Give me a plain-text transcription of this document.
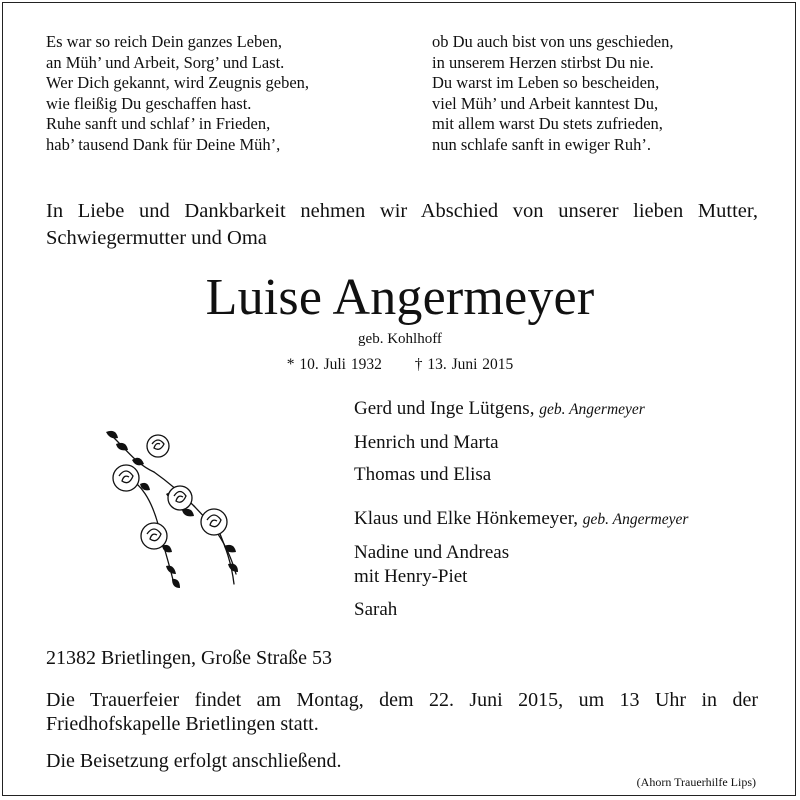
Es war so reich Dein ganzes Leben,
an Müh’ und Arbeit, Sorg’ und Last.
Wer Dich gekannt, wird Zeugnis geben,
wie fleißig Du geschaffen hast.
Ruhe sanft und schlaf’ in Frieden,
hab’ tausend Dank für Deine Müh’,
ob Du auch bist von uns geschieden,
in unserem Herzen stirbst Du nie.
Du warst im Leben so bescheiden,
viel Müh’ und Arbeit kanntest Du,
mit allem warst Du stets zufrieden,
nun schlafe sanft in ewiger Ruh’.
In Liebe und Dankbarkeit nehmen wir Abschied von unserer lieben Mutter,
Schwiegermutter und Oma
Luise Angermeyer
geb. Kohlhoff
* 10. Juli 1932 † 13. Juni 2015
Gerd und Inge Lütgens, geb. Angermeyer
Henrich und Marta
Thomas und Elisa
Klaus und Elke Hönkemeyer, geb. Angermeyer
Nadine und Andreas
mit Henry-Piet
Sarah
21382 Brietlingen, Große Straße 53
Die Trauerfeier findet am Montag, dem 22. Juni 2015, um 13 Uhr in der
Friedhofskapelle Brietlingen statt.
Die Beisetzung erfolgt anschließend.
(Ahorn Trauerhilfe Lips)
